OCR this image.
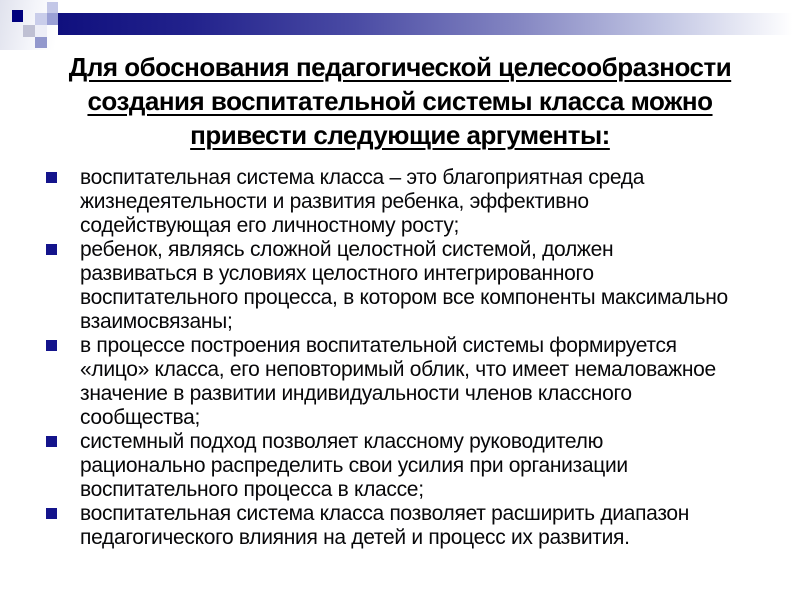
Для обоснования педагогической целесообразности создания воспитательной системы класса можно привести следующие аргументы:
воспитательная система класса – это благоприятная среда жизнедеятельности и развития ребенка, эффективно содействующая его личностному росту;
ребенок, являясь сложной целостной системой, должен развиваться в условиях целостного интегрированного воспитательного процесса, в котором все компоненты максимально взаимосвязаны;
в процессе построения воспитательной системы формируется «лицо» класса, его неповторимый облик, что имеет немаловажное значение в развитии индивидуальности членов классного сообщества;
системный подход позволяет классному руководителю рационально распределить свои усилия при организации воспитательного процесса в классе;
воспитательная система класса позволяет расширить диапазон педагогического влияния на детей и процесс их развития.
